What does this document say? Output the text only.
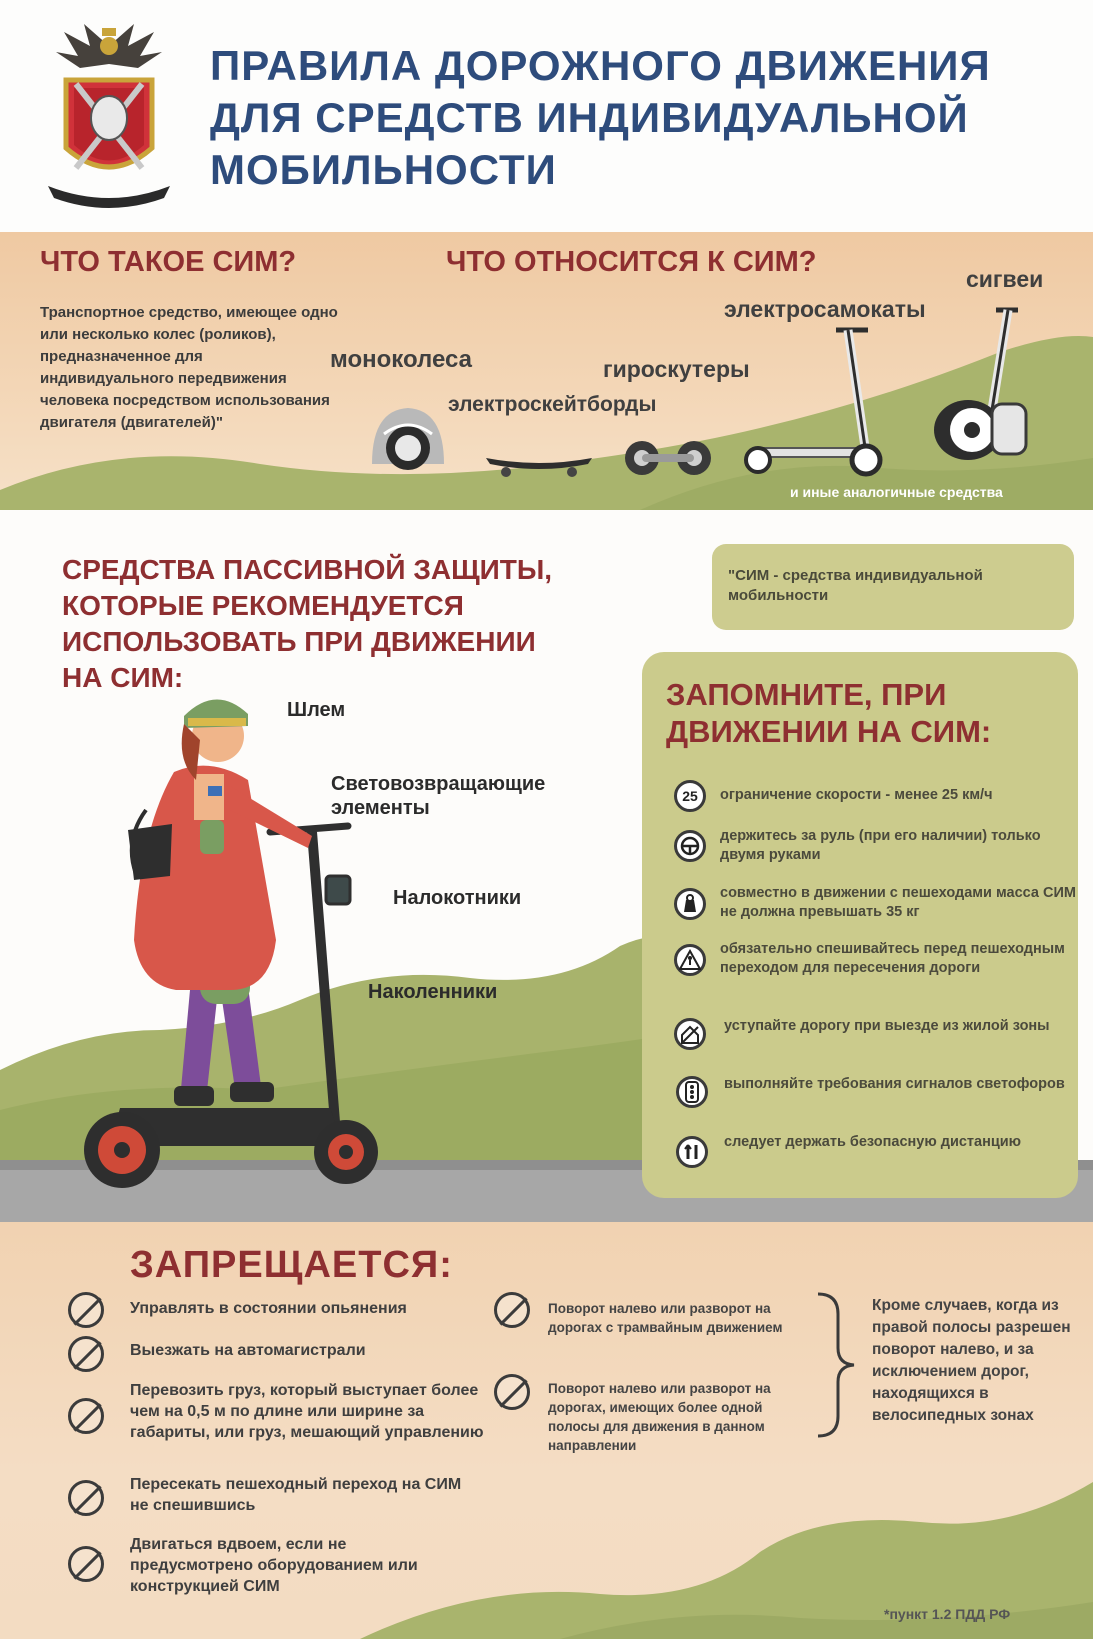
ПРАВИЛА ДОРОЖНОГО ДВИЖЕНИЯ
ДЛЯ СРЕДСТВ ИНДИВИДУАЛЬНОЙ
МОБИЛЬНОСТИ
ЧТО ТАКОЕ СИМ?	ЧТО ОТНОСИТСЯ К СИМ?
Транспортное средство, имеющее одно или несколько колес (роликов), предназначенное для индивидуального передвижения человека посредством использования двигателя (двигателей)"
моноколеса
электроскейтборды
гироскутеры
электросамокаты
сигвеи
и иные аналогичные средства
СРЕДСТВА ПАССИВНОЙ ЗАЩИТЫ,
КОТОРЫЕ РЕКОМЕНДУЕТСЯ
ИСПОЛЬЗОВАТЬ ПРИ ДВИЖЕНИИ
НА СИМ:
Шлем
Световозвращающие элементы
Налокотники
Наколенники
"СИМ - средства индивидуальной мобильности
ЗАПОМНИТЕ, ПРИ
ДВИЖЕНИИ НА СИМ:
25	ограничение скорости - менее 25 км/ч
держитесь за руль (при его наличии) только двумя руками
совместно в движении с пешеходами масса СИМ не должна превышать 35 кг
обязательно спешивайтесь перед пешеходным переходом для пересечения дороги
уступайте дорогу при выезде из жилой зоны
выполняйте требования сигналов светофоров
следует держать безопасную дистанцию
ЗАПРЕЩАЕТСЯ:
Управлять в состоянии опьянения
Выезжать на автомагистрали
Перевозить груз, который выступает более чем на 0,5 м по длине или ширине за габариты, или груз, мешающий управлению
Пересекать пешеходный переход на СИМ не спешившись
Двигаться вдвоем, если не предусмотрено оборудованием или конструкцией СИМ
Поворот налево или разворот на дорогах с трамвайным движением
Поворот налево или разворот на дорогах, имеющих более одной полосы для движения в данном направлении
Кроме случаев, когда из правой полосы разрешен поворот налево, и за исключением дорог, находящихся в велосипедных зонах
*пункт 1.2 ПДД РФ
